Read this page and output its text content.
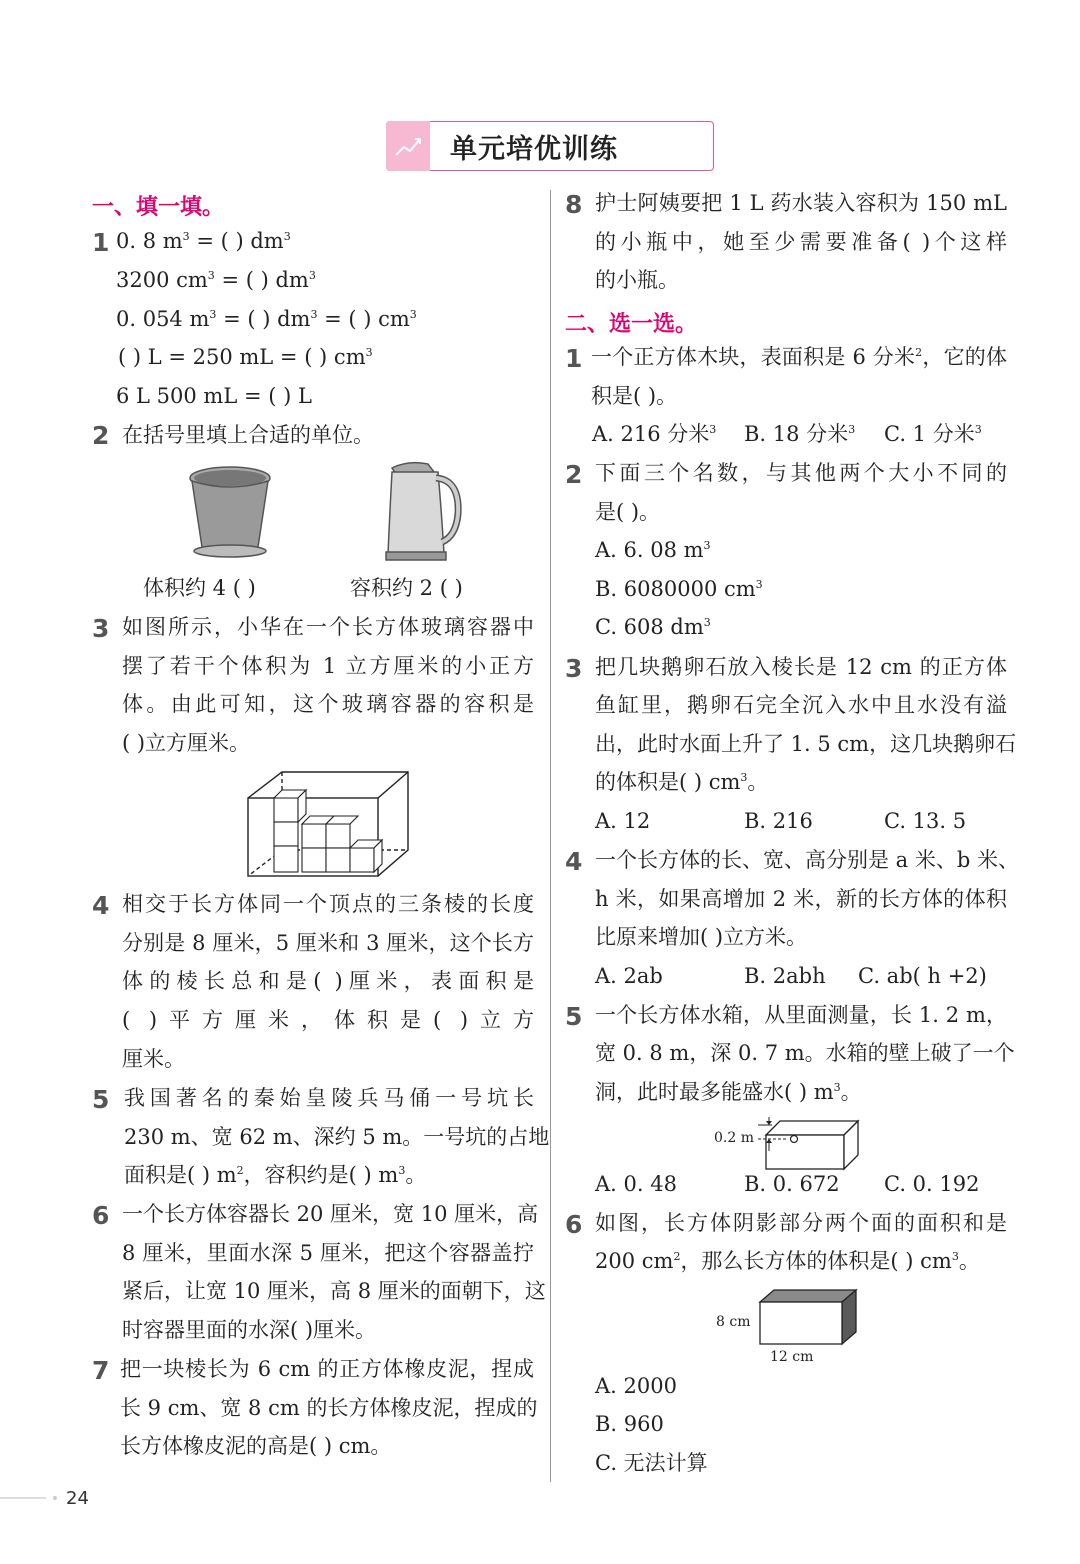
单元培优训练
一、填一填。
1 0. 8 $m^3$ = ( ) $dm^3$
3200 $cm^3$ = ( ) $dm^3$
0. 054 $m^3$ = ( ) $dm^3$ = ( ) $cm^3$
( ) L = 250 mL = ( ) $cm^3$
6 L 500 mL = ( ) L
2 在括号里填上合适的单位。
体积约 4 ( )	容积约 2 ( )
3 如图所示，小华在一个长方体玻璃容器中
摆了若干个体积为 1 立方厘米的小正方
体。由此可知，这个玻璃容器的容积是
( )立方厘米。
4 相交于长方体同一个顶点的三条棱的长度
分别是 8 厘米，5 厘米和 3 厘米，这个长方
体的棱长总和是( )厘米，表面积是
( )平方厘米，体积是( )立方
厘米。
5 我国著名的秦始皇陵兵马俑一号坑长
230 m、宽 62 m、深约 5 m。一号坑的占地
面积是( ) $m^2$，容积约是( ) $m^3$。
6 一个长方体容器长 20 厘米，宽 10 厘米，高
8 厘米，里面水深 5 厘米，把这个容器盖拧
紧后，让宽 10 厘米，高 8 厘米的面朝下，这
时容器里面的水深( )厘米。
7 把一块棱长为 6 cm 的正方体橡皮泥，捏成
长 9 cm、宽 8 cm 的长方体橡皮泥，捏成的
长方体橡皮泥的高是( ) cm。
8 护士阿姨要把 1 L 药水装入容积为 150 mL
的小瓶中，她至少需要准备( )个这样
的小瓶。
二、选一选。
1 一个正方体木块，表面积是 6 分米$^2$，它的体
积是( )。
A. 216 分米$^3$ B. 18 分米$^3$ C. 1 分米$^3$
2 下面三个名数，与其他两个大小不同的
是( )。
A. 6. 08 $m^3$
B. 6080000 $cm^3$
C. 608 $dm^3$
3 把几块鹅卵石放入棱长是 12 cm 的正方体
鱼缸里，鹅卵石完全沉入水中且水没有溢
出，此时水面上升了 1. 5 cm，这几块鹅卵石
的体积是( ) $cm^3$。
A. 12	B. 216	C. 13. 5
4 一个长方体的长、宽、高分别是 a 米、b 米、
h 米，如果高增加 2 米，新的长方体的体积
比原来增加( )立方米。
A. 2ab	B. 2abh C. ab( h +2)
5 一个长方体水箱，从里面测量，长 1. 2 m，
宽 0. 8 m，深 0. 7 m。水箱的壁上破了一个
洞，此时最多能盛水( ) $m^3$。
0.2 m
A. 0. 48	B. 0. 672 C. 0. 192
6 如图，长方体阴影部分两个面的面积和是
200 $cm^2$，那么长方体的体积是( ) $cm^3$。
8 cm
12 cm
A. 2000
B. 960
C. 无法计算
24
